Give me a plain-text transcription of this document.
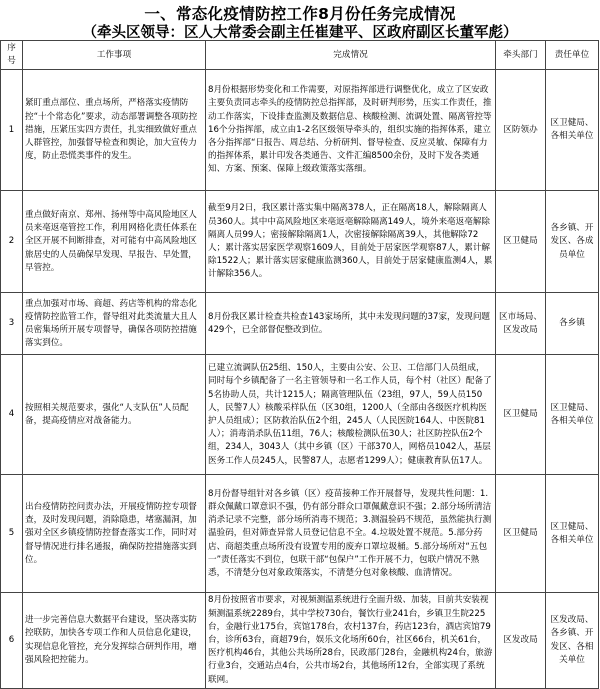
一、常态化疫情防控工作8月份任务完成情况
（牵头区领导：区人大常委会副主任崔建平、区政府副区长董军彪）
序号	工作事项	完成情况	牵头部门	责任单位
1	紧盯重点部位、重点场所，严格落实疫情防控“十个常态化”要求，动态部署调整各项防控措施，压紧压实四方责任，扎实细致做好重点人群管控，加强督导检查和舆论，加大宣传力度，防止恐慌类事件的发生。	8月份根据形势变化和工作需要，对原指挥部进行调整优化，成立了区安政主要负责同志牵头的疫情防控总指挥部，及时研判形势，压实工作责任，推动工作落实，下设排查监测及数据信息、核酸检测、流调处置、隔离管控等16个分指挥部，成立由1-2名区级领导牵头的，组织实施的指挥体系，建立各分指挥部“日报告、周总结、分析研判、督导检查、反应灵敏、保障有力的指挥体系，累计印发各类通告、文件汇编8500余份，及时下发各类通知、方案、预案、保障上级政策落实落细。	区防领办	区卫健局、各相关单位
2	重点做好南京、郑州、扬州等中高风险地区人员来亳返亳管控工作，利用网格化责任体系在全区开展不间断排查，对可能有中高风险地区旅居史的人员确保早发现、早报告、早处置，早管控。	截至9月2日，我区累计落实集中隔离378人，正在隔离18人，解除隔离人员360人。其中中高风险地区来亳返亳解除隔离149人，境外来亳返亳解除隔离人员99人；密接解除隔离1人，次密接解除隔离39人，其他解除72人；累计落实居家医学观察1609人，目前处于居家医学观察87人，累计解除1522人；累计落实居家健康监测360人，目前处于居家健康监测4人，累计解除356人。	区卫健局	各乡镇、开发区、各成员单位
3	重点加强对市场、商超、药店等机构的常态化疫情防控监管工作，督导组对此类流量大且人员密集场所开展专项督导，确保各项防控措施落实到位。	8月份我区累计检查共检查143家场所，其中未发现问题的37家，发现问题429个，已全部督促整改到位。	区市场局、区发改局	各乡镇
4	按照相关规范要求，强化“人支队伍”人员配备，提高疫情应对战备能力。	已建立流调队伍25组、150人，主要由公安、公卫、工信部门人员组成，同时每个乡镇配备了一名主管领导和一名工作人员，每个村（社区）配备了5名协助人员，共计1215人；隔离管理队伍（23组，97人，59人员150人，民警7人）核酸采样队伍（区30组，1200人（全部由各级医疗机构医护人员组成）；区防救治队伍2个组，245人（人民医院164人、中医院81人）；消毒消杀队伍11组，76人；核酸检测队伍30人；社区防控队伍2个组，234人，3043人（其中乡镇（区）干部370人，网格员1042人，基层医务工作人员245人，民警87人，志愿者1299人）；健康教育队伍17人。	区卫健局	区卫健局、各相关单位
5	出台疫情防控问责办法，开展疫情防控专项督查，及时发现问题，消除隐患，堵塞漏洞，加强对全区乡镇疫情防控督查落实工作，同时对督导情况进行排名通报，确保防控措施落实到位。	8月份督导组针对各乡镇（区）疫苗接种工作开展督导，发现共性问题：1.群众佩戴口罩意识不强，仍有部分群众口罩佩戴意识不强；2.部分场所清洁消杀记录不完整，部分场所消毒不规范；3.测温验码不规范，虽然能执行测温验码，但对筛查异常人员登记信息不全。4.垃圾处置不规范。5.部分药店、商超类重点场所没有设置专用的废弃口罩垃圾桶。5.部分场所对“五包一”责任落实不到位，包联干部“包保户”工作开展不力，包联户情况不熟悉，不清楚分包对象政策落实，不清楚分包对象核酸、血清情况。	区卫健局	区卫健局、各相关单位
6	进一步完善信息大数据平台建设，坚决落实防控联防，加快各专项工作和人员信息化建设，实现信息化管控，充分发挥综合研判作用，增强风险把控能力。	8月份按照省市要求，对视频测温系统进行全面升级、加装，目前共安装视频测温系统2289台，其中学校730台，餐饮行业241台，乡镇卫生院225台，金融行业175台，宾馆178台，农村137台，药店123台，酒店宾馆79台，诊所63台，商超79台，娱乐文化场所60台，社区66台，机关61台，医疗机构46台，其他公共场所28台，民政部门28台，金融机构24台，旅游行业3台，交通站点4台，公共市场2台，其他场所12台，全部实现了系统联网。	区发改局	区发改局、各乡镇、开发区、各相关单位
